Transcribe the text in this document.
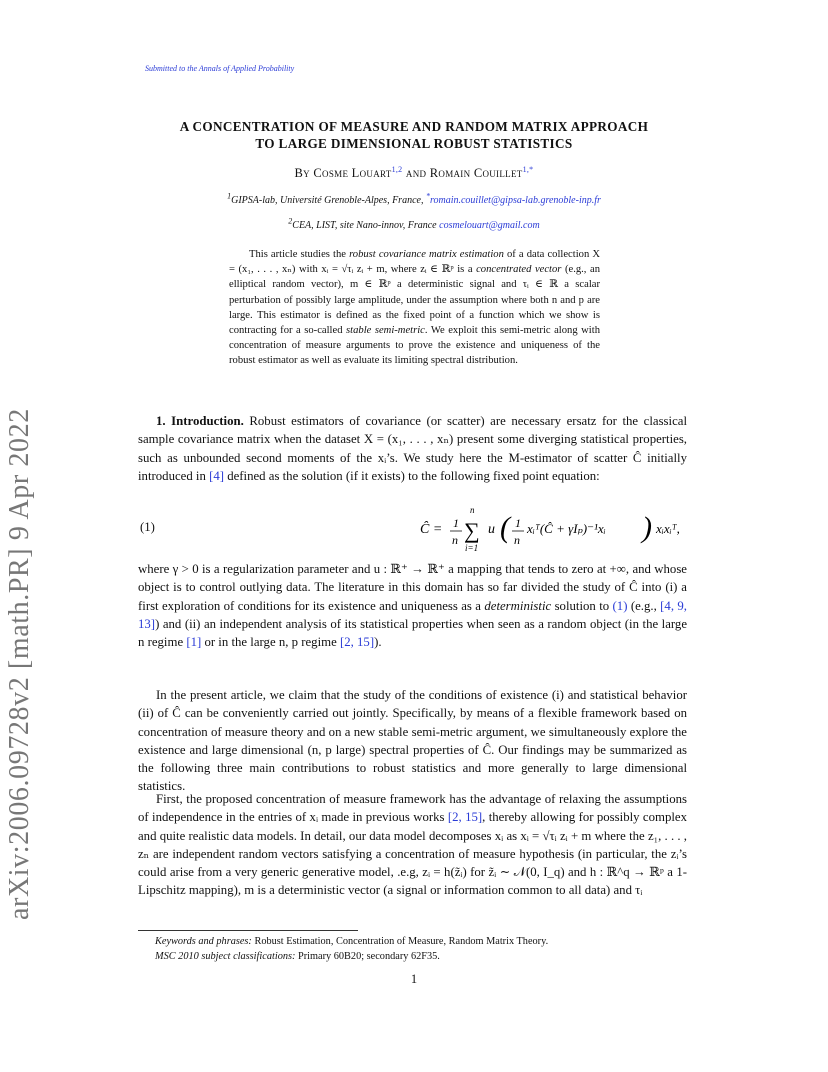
Submitted to the Annals of Applied Probability
arXiv:2006.09728v2 [math.PR] 9 Apr 2022
A CONCENTRATION OF MEASURE AND RANDOM MATRIX APPROACH
TO LARGE DIMENSIONAL ROBUST STATISTICS
By Cosme Louart$^{1,2}$ and Romain Couillet$^{1,*}$
$^1$GIPSA-lab, Université Grenoble-Alpes, France, *romain.couillet@gipsa-lab.grenoble-inp.fr
$^2$CEA, LIST, site Nano-innov, France cosmelouart@gmail.com
This article studies the robust covariance matrix estimation of a data collection X = (x₁, . . . , xₙ) with xᵢ = √τᵢ zᵢ + m, where zᵢ ∈ ℝᵖ is a concentrated vector (e.g., an elliptical random vector), m ∈ ℝᵖ a deterministic signal and τᵢ ∈ ℝ a scalar perturbation of possibly large amplitude, under the assumption where both n and p are large. This estimator is defined as the fixed point of a function which we show is contracting for a so-called stable semi-metric. We exploit this semi-metric along with concentration of measure arguments to prove the existence and uniqueness of the robust estimator as well as evaluate its limiting spectral distribution.

1. Introduction. Robust estimators of covariance (or scatter) are necessary ersatz for the classical sample covariance matrix when the dataset X = (x₁, . . . , xₙ) present some diverging statistical properties, such as unbounded second moments of the xᵢ’s. We study here the M-estimator of scatter Ĉ initially introduced in [4] defined as the solution (if it exists) to the following fixed point equation:

(1)	Ĉ = 1
n
n
∑
i=1
u ( 1
n
xᵢᵀ(Ĉ + γIₚ)⁻¹xᵢ ) xᵢxᵢᵀ,

where γ > 0 is a regularization parameter and u : ℝ⁺ → ℝ⁺ a mapping that tends to zero at +∞, and whose object is to control outlying data. The literature in this domain has so far divided the study of Ĉ into (i) a first exploration of conditions for its existence and uniqueness as a deterministic solution to (1) (e.g., [4, 9, 13]) and (ii) an independent analysis of its statistical properties when seen as a random object (in the large n regime [1] or in the large n, p regime [2, 15]).

In the present article, we claim that the study of the conditions of existence (i) and statistical behavior (ii) of Ĉ can be conveniently carried out jointly. Specifically, by means of a flexible framework based on concentration of measure theory and on a new stable semi-metric argument, we simultaneously explore the existence and large dimensional (n, p large) spectral properties of Ĉ. Our findings may be summarized as the following three main contributions to robust statistics and more generally to large dimensional statistics.

First, the proposed concentration of measure framework has the advantage of relaxing the assumptions of independence in the entries of xᵢ made in previous works [2, 15], thereby allowing for possibly complex and quite realistic data models. In detail, our data model decomposes xᵢ as xᵢ = √τᵢ zᵢ + m where the z₁, . . . , zₙ are independent random vectors satisfying a concentration of measure hypothesis (in particular, the zᵢ’s could arise from a very generic generative model, .e.g, zᵢ = h(z̃ᵢ) for z̃ᵢ ∼ 𝒩(0, I_q) and h : ℝ^q → ℝᵖ a 1-Lipschitz mapping), m is a deterministic vector (a signal or information common to all data) and τᵢ

Keywords and phrases: Robust Estimation, Concentration of Measure, Random Matrix Theory.
MSC 2010 subject classifications: Primary 60B20; secondary 62F35.
1
